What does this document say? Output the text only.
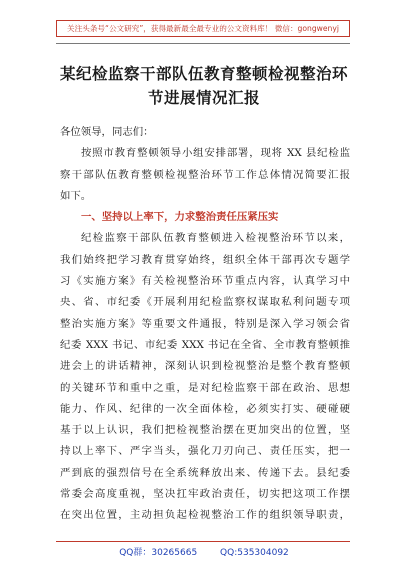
关注头条号“公文研究”，获得最新最全最专业的公文资料库！ 微信：gongwenyj
某纪检监察干部队伍教育整顿检视整治环
节进展情况汇报
各位领导，同志们：
按照市教育整顿领导小组安排部署，现将 XX 县纪检监
察干部队伍教育整顿检视整治环节工作总体情况简要汇报
如下。
一、坚持以上率下，力求整治责任压紧压实
纪检监察干部队伍教育整顿进入检视整治环节以来，
我们始终把学习教育贯穿始终，组织全体干部再次专题学
习《实施方案》有关检视整治环节重点内容，认真学习中
央、省、市纪委《开展利用纪检监察权谋取私利问题专项
整治实施方案》等重要文件通报，特别是深入学习领会省
纪委 XXX 书记、市纪委 XXX 书记在全省、全市教育整顿推
进会上的讲话精神，深刻认识到检视整治是整个教育整顿
的关键环节和重中之重，是对纪检监察干部在政治、思想
能力、作风、纪律的一次全面体检，必须实打实、硬碰硬
基于以上认识，我们把检视整治摆在更加突出的位置，坚
持以上率下、严字当头，强化刀刃向己、责任压实，把一
严到底的强烈信号在全系统释放出来、传递下去。县纪委
常委会高度重视，坚决扛牢政治责任，切实把这项工作摆
在突出位置，主动担负起检视整治工作的组织领导职责，
QQ群：30265665 QQ:535304092
